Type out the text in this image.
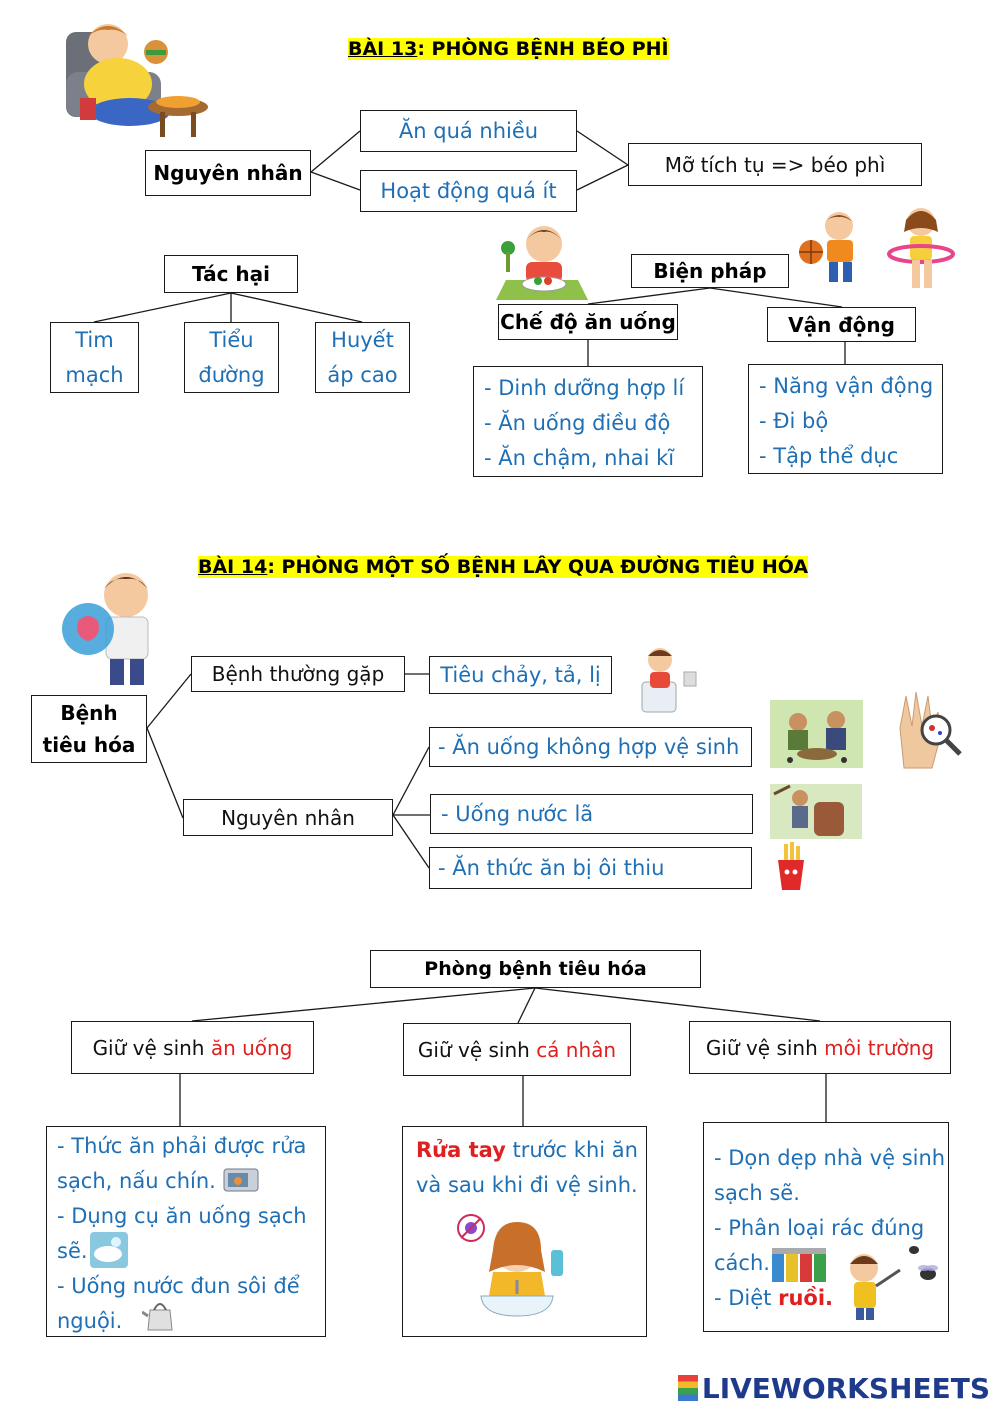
BÀI 13: PHÒNG BỆNH BÉO PHÌ
Nguyên nhân
Ăn quá nhiều
Hoạt động quá ít
Mỡ tích tụ => béo phì
Tác hại
Tim
mạch
Tiểu
đường
Huyết
áp cao
Biện pháp
Chế độ ăn uống	Vận động
- Dinh dưỡng hợp lí
- Ăn uống điều độ
- Ăn chậm, nhai kĩ
- Năng vận động
- Đi bộ
- Tập thể dục
BÀI 14: PHÒNG MỘT SỐ BỆNH LÂY QUA ĐƯỜNG TIÊU HÓA
Bệnh
tiêu hóa
Bệnh thường gặp	Tiêu chảy, tả, lị
Nguyên nhân
- Ăn uống không hợp vệ sinh
- Uống nước lã
- Ăn thức ăn bị ôi thiu
Phòng bệnh tiêu hóa
Giữ vệ sinh ăn uống	Giữ vệ sinh cá nhân	Giữ vệ sinh môi trường
- Thức ăn phải được rửa
sạch, nấu chín.
- Dụng cụ ăn uống sạch
sẽ.
- Uống nước đun sôi để
nguội.
Rửa tay trước khi ăn
và sau khi đi vệ sinh.
- Dọn dẹp nhà vệ sinh
sạch sẽ.
- Phân loại rác đúng
cách.
- Diệt ruồi.
LIVEWORKSHEETS
